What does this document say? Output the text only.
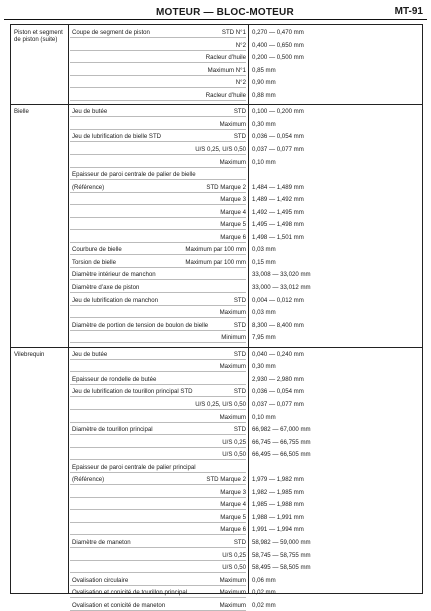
MOTEUR — BLOC-MOTEUR	MT-91
Piston et segment de piston (suite)
Coupe de segment de piston	STD N°1 0,270 — 0,470 mm
N°2 0,400 — 0,650 mm
Racleur d’huile 0,200 — 0,500 mm
Maximum N°1 0,85 mm
N°2 0,90 mm
Racleur d’huile 0,88 mm
Bielle	Jeu de butée	STD 0,100 — 0,200 mm
Maximum 0,30 mm
Jeu de lubrification de bielle STD	STD 0,036 — 0,054 mm
U/S 0,25, U/S 0,50 0,037 — 0,077 mm
Maximum 0,10 mm
Epaisseur de paroi centrale de palier de bielle
(Référence)	STD Marque 2 1,484 — 1,489 mm
Marque 3 1,489 — 1,492 mm
Marque 4 1,492 — 1,495 mm
Marque 5 1,495 — 1,498 mm
Marque 6 1,498 — 1,501 mm
Courbure de bielle	Maximum par 100 mm 0,03 mm
Torsion de bielle	Maximum par 100 mm 0,15 mm
Diamètre intérieur de manchon	33,008 — 33,020 mm
Diamètre d’axe de piston	33,000 — 33,012 mm
Jeu de lubrification de manchon	STD 0,004 — 0,012 mm
Maximum 0,03 mm
Diamètre de portion de tension de boulon de bielle	STD 8,300 — 8,400 mm
Minimum 7,95 mm
Vilebrequin	Jeu de butée	STD 0,040 — 0,240 mm
Maximum 0,30 mm
Epaisseur de rondelle de butée	2,930 — 2,980 mm
Jeu de lubrification de tourillon principal STD	STD 0,036 — 0,054 mm
U/S 0,25, U/S 0,50 0,037 — 0,077 mm
Maximum 0,10 mm
Diamètre de tourillon principal	STD 66,982 — 67,000 mm
U/S 0,25 66,745 — 66,755 mm
U/S 0,50 66,495 — 66,505 mm
Epaisseur de paroi centrale de palier principal
(Référence)	STD Marque 2 1,979 — 1,982 mm
Marque 3 1,982 — 1,985 mm
Marque 4 1,985 — 1,988 mm
Marque 5 1,988 — 1,991 mm
Marque 6 1,991 — 1,994 mm
Diamètre de maneton	STD 58,982 — 59,000 mm
U/S 0,25 58,745 — 58,755 mm
U/S 0,50 58,495 — 58,505 mm
Ovalisation circulaire	Maximum 0,06 mm
Ovalisation et conicité de tourillon principal	Maximum 0,02 mm
Ovalisation et conicité de maneton	Maximum 0,02 mm
